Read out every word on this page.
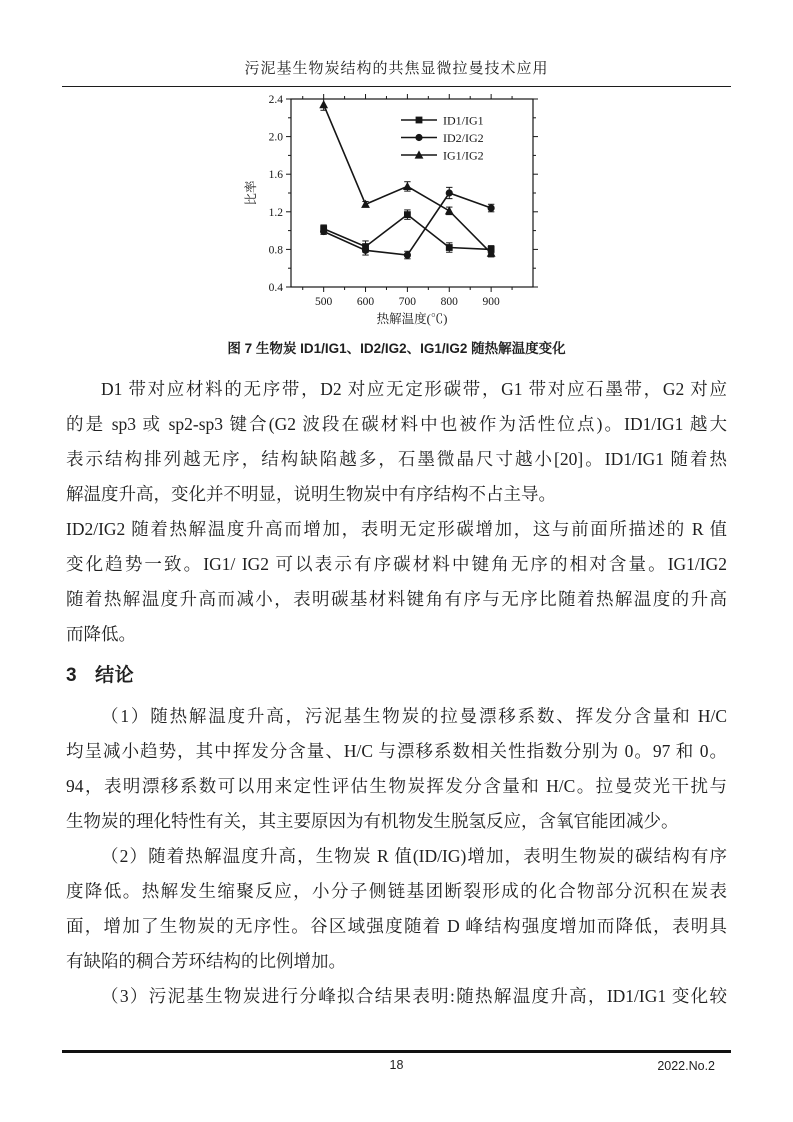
污泥基生物炭结构的共焦显微拉曼技术应用
500 600 700 800 900
0.4
0.8
1.2
1.6
2.0
2.4
热解温度(℃)
比率
ID1/IG1
ID2/IG2
IG1/IG2
图 7 生物炭 ID1/IG1、ID2/IG2、IG1/IG2 随热解温度变化
D1 带对应材料的无序带，D2 对应无定形碳带，G1 带对应石墨带，G2 对应
的是 sp3 或 sp2-sp3 键合(G2 波段在碳材料中也被作为活性位点)。ID1/IG1 越大
表示结构排列越无序，结构缺陷越多，石墨微晶尺寸越小[20]。ID1/IG1 随着热
解温度升高，变化并不明显，说明生物炭中有序结构不占主导。
ID2/IG2 随着热解温度升高而增加，表明无定形碳增加，这与前面所描述的 R 值
变化趋势一致。IG1/ IG2 可以表示有序碳材料中键角无序的相对含量。IG1/IG2
随着热解温度升高而减小，表明碳基材料键角有序与无序比随着热解温度的升高
而降低。
3 结论
（1）随热解温度升高，污泥基生物炭的拉曼漂移系数、挥发分含量和 H/C
均呈减小趋势，其中挥发分含量、H/C 与漂移系数相关性指数分别为 0。97 和 0。
94，表明漂移系数可以用来定性评估生物炭挥发分含量和 H/C。拉曼荧光干扰与
生物炭的理化特性有关，其主要原因为有机物发生脱氢反应，含氧官能团减少。
（2）随着热解温度升高，生物炭 R 值(ID/IG)增加，表明生物炭的碳结构有序
度降低。热解发生缩聚反应，小分子侧链基团断裂形成的化合物部分沉积在炭表
面，增加了生物炭的无序性。谷区域强度随着 D 峰结构强度增加而降低，表明具
有缺陷的稠合芳环结构的比例增加。
（3）污泥基生物炭进行分峰拟合结果表明:随热解温度升高，ID1/IG1 变化较
18	2022.No.2
